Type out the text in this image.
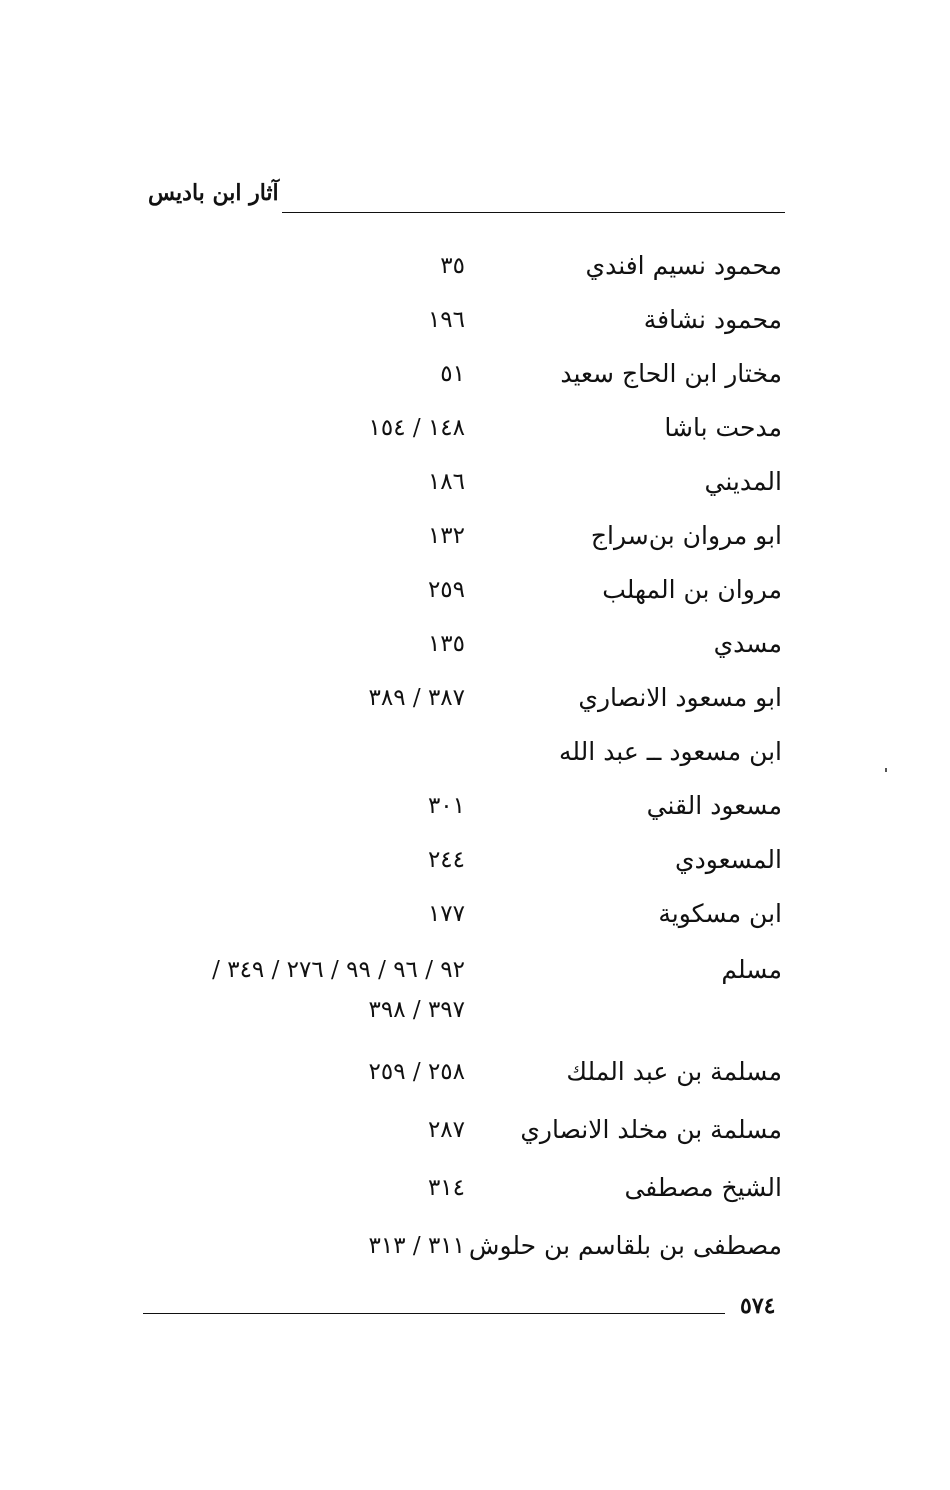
آثار ابن باديس
محمود نسيم افندي
٣٥
محمود نشافة
١٩٦
مختار ابن الحاج سعيد
٥١
مدحت باشا
١٤٨ / ١٥٤
المديني
١٨٦
ابو مروان بن‌سراج
١٣٢
مروان بن المهلب
٢٥٩
مسدي
١٣٥
ابو مسعود الانصاري
٣٨٧ / ٣٨٩
ابن مسعود ــ عبد الله
مسعود القني
٣٠١
المسعودي
٢٤٤
ابن مسكوية
١٧٧
مسلم
٩٢ / ٩٦ / ٩٩ / ٢٧٦ / ٣٤٩ /
٣٩٧ / ٣٩٨
مسلمة بن عبد الملك
٢٥٨ / ٢٥٩
مسلمة بن مخلد الانصاري
٢٨٧
الشيخ مصطفى
٣١٤
مصطفى بن بلقاسم بن حلوش
٣١١ / ٣١٣
٥٧٤
